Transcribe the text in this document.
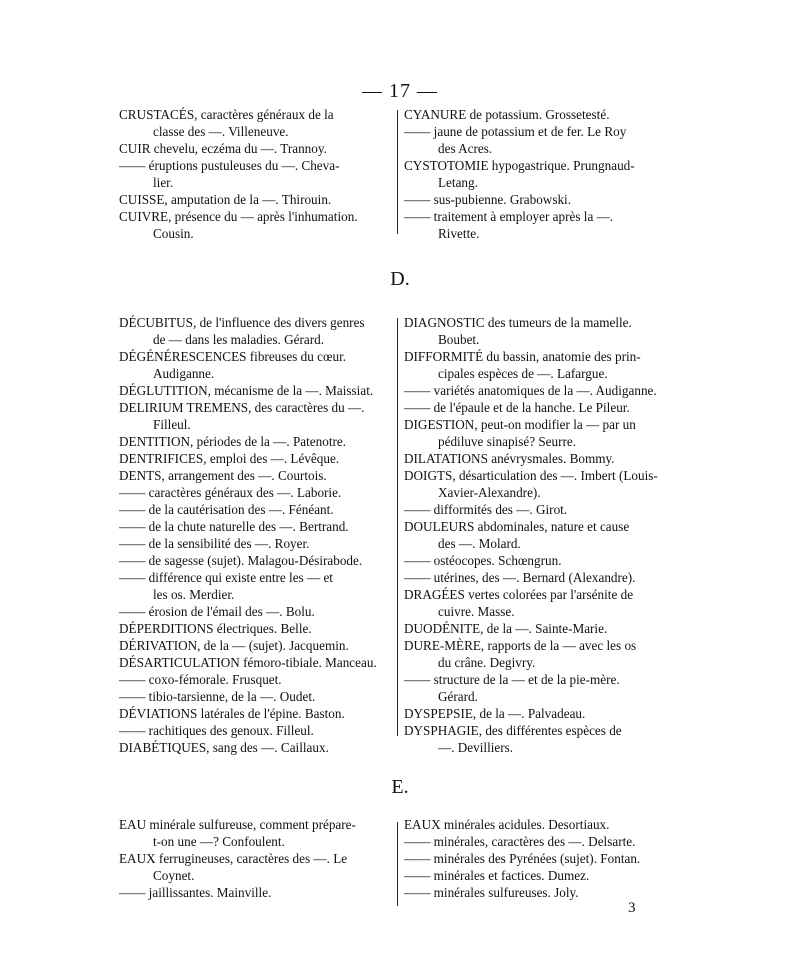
— 17 —
CRUSTACÉS, caractères généraux de la
classe des —. Villeneuve.
CUIR chevelu, eczéma du —. Trannoy.
—— éruptions pustuleuses du —. Cheva-
lier.
CUISSE, amputation de la —. Thirouin.
CUIVRE, présence du — après l'inhumation.
Cousin.
CYANURE de potassium. Grossetesté.
—— jaune de potassium et de fer. Le Roy
des Acres.
CYSTOTOMIE hypogastrique. Prungnaud-
Letang.
—— sus-pubienne. Grabowski.
—— traitement à employer après la —.
Rivette.
D.
DÉCUBITUS, de l'influence des divers genres
de — dans les maladies. Gérard.
DÉGÉNÉRESCENCES fibreuses du cœur.
Audiganne.
DÉGLUTITION, mécanisme de la —. Maissiat.
DELIRIUM TREMENS, des caractères du —.
Filleul.
DENTITION, périodes de la —. Patenotre.
DENTRIFICES, emploi des —. Lévêque.
DENTS, arrangement des —. Courtois.
—— caractères généraux des —. Laborie.
—— de la cautérisation des —. Fénéant.
—— de la chute naturelle des —. Bertrand.
—— de la sensibilité des —. Royer.
—— de sagesse (sujet). Malagou-Désirabode.
—— différence qui existe entre les — et
les os. Merdier.
—— érosion de l'émail des —. Bolu.
DÉPERDITIONS électriques. Belle.
DÉRIVATION, de la — (sujet). Jacquemin.
DÉSARTICULATION fémoro-tibiale. Manceau.
—— coxo-fémorale. Frusquet.
—— tibio-tarsienne, de la —. Oudet.
DÉVIATIONS latérales de l'épine. Baston.
—— rachitiques des genoux. Filleul.
DIABÉTIQUES, sang des —. Caillaux.
DIAGNOSTIC des tumeurs de la mamelle.
Boubet.
DIFFORMITÉ du bassin, anatomie des prin-
cipales espèces de —. Lafargue.
—— variétés anatomiques de la —. Audiganne.
—— de l'épaule et de la hanche. Le Pileur.
DIGESTION, peut-on modifier la — par un
pédiluve sinapisé? Seurre.
DILATATIONS anévrysmales. Bommy.
DOIGTS, désarticulation des —. Imbert (Louis-
Xavier-Alexandre).
—— difformités des —. Girot.
DOULEURS abdominales, nature et cause
des —. Molard.
—— ostéocopes. Schœngrun.
—— utérines, des —. Bernard (Alexandre).
DRAGÉES vertes colorées par l'arsénite de
cuivre. Masse.
DUODÉNITE, de la —. Sainte-Marie.
DURE-MÈRE, rapports de la — avec les os
du crâne. Degivry.
—— structure de la — et de la pie-mère.
Gérard.
DYSPEPSIE, de la —. Palvadeau.
DYSPHAGIE, des différentes espèces de
—. Devilliers.
E.
EAU minérale sulfureuse, comment prépare-
t-on une —? Confoulent.
EAUX ferrugineuses, caractères des —. Le
Coynet.
—— jaillissantes. Mainville.
EAUX minérales acidules. Desortiaux.
—— minérales, caractères des —. Delsarte.
—— minérales des Pyrénées (sujet). Fontan.
—— minérales et factices. Dumez.
—— minérales sulfureuses. Joly.
3
